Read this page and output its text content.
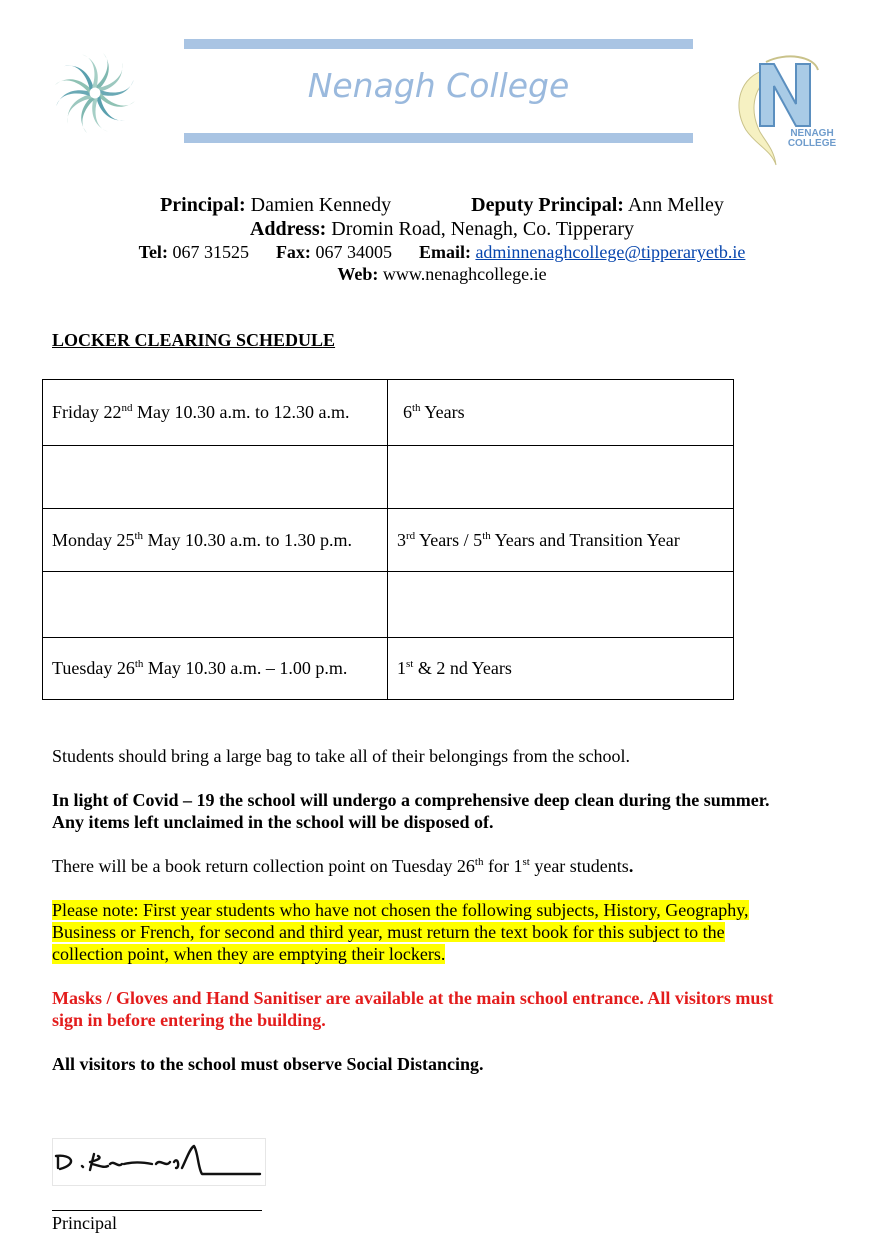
Nenagh College
NENAGH
COLLEGE
Principal: Damien Kennedy	Deputy Principal: Ann Melley
Address: Dromin Road, Nenagh, Co. Tipperary
Tel: 067 31525 Fax: 067 34005 Email: adminnenaghcollege@tipperaryetb.ie
Web: www.nenaghcollege.ie
LOCKER CLEARING SCHEDULE
Friday 22nd May 10.30 a.m. to 12.30 a.m.	6th Years

Monday 25th May 10.30 a.m. to 1.30 p.m.	3rd Years / 5th Years and Transition Year

Tuesday 26th May 10.30 a.m. – 1.00 p.m.	1st & 2 nd Years
Students should bring a large bag to take all of their belongings from the school.
In light of Covid – 19 the school will undergo a comprehensive deep clean during the summer.
Any items left unclaimed in the school will be disposed of.
There will be a book return collection point on Tuesday 26th for 1st year students.
Please note: First year students who have not chosen the following subjects, History, Geography,
Business or French, for second and third year, must return the text book for this subject to the
collection point, when they are emptying their lockers.
Masks / Gloves and Hand Sanitiser are available at the main school entrance. All visitors must
sign in before entering the building.
All visitors to the school must observe Social Distancing.
Principal
